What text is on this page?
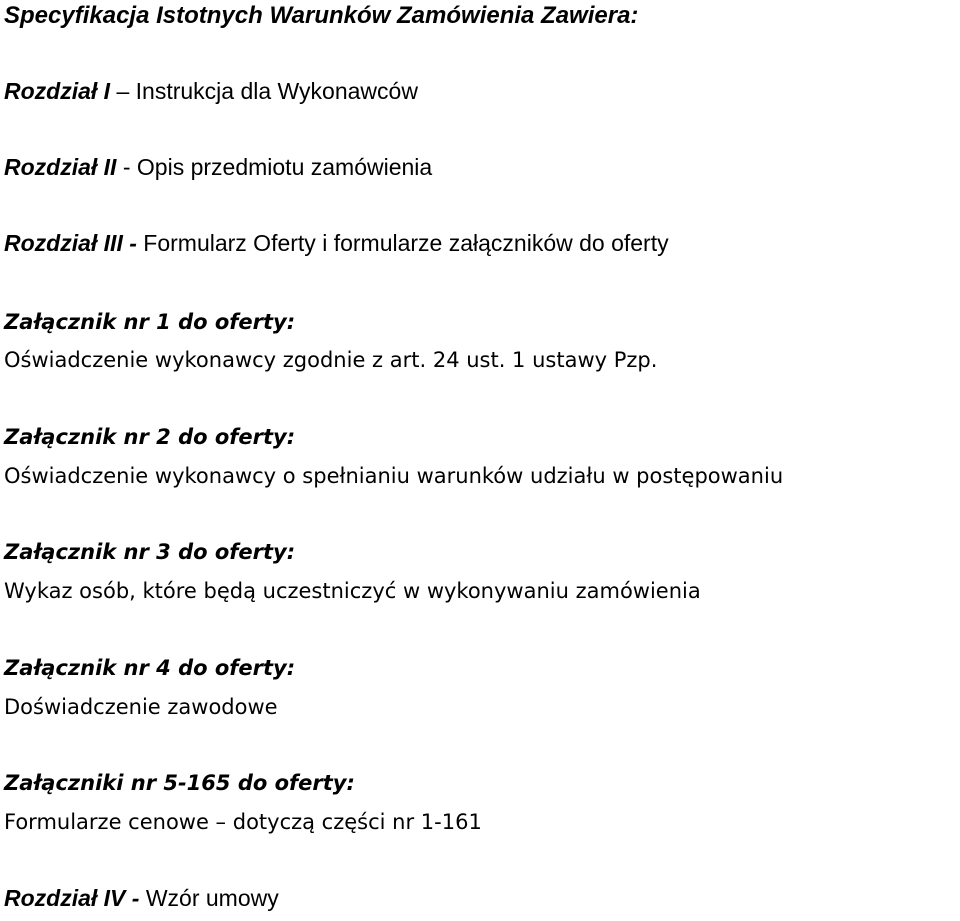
Specyfikacja Istotnych Warunków Zamówienia Zawiera:
Rozdział I – Instrukcja dla Wykonawców
Rozdział II - Opis przedmiotu zamówienia
Rozdział III - Formularz Oferty i formularze załączników do oferty
Załącznik nr 1 do oferty:
Oświadczenie wykonawcy zgodnie z art. 24 ust. 1 ustawy Pzp.
Załącznik nr 2 do oferty:
Oświadczenie wykonawcy o spełnianiu warunków udziału w postępowaniu
Załącznik nr 3 do oferty:
Wykaz osób, które będą uczestniczyć w wykonywaniu zamówienia
Załącznik nr 4 do oferty:
Doświadczenie zawodowe
Załączniki nr 5-165 do oferty:
Formularze cenowe – dotyczą części nr 1-161
Rozdział IV - Wzór umowy
